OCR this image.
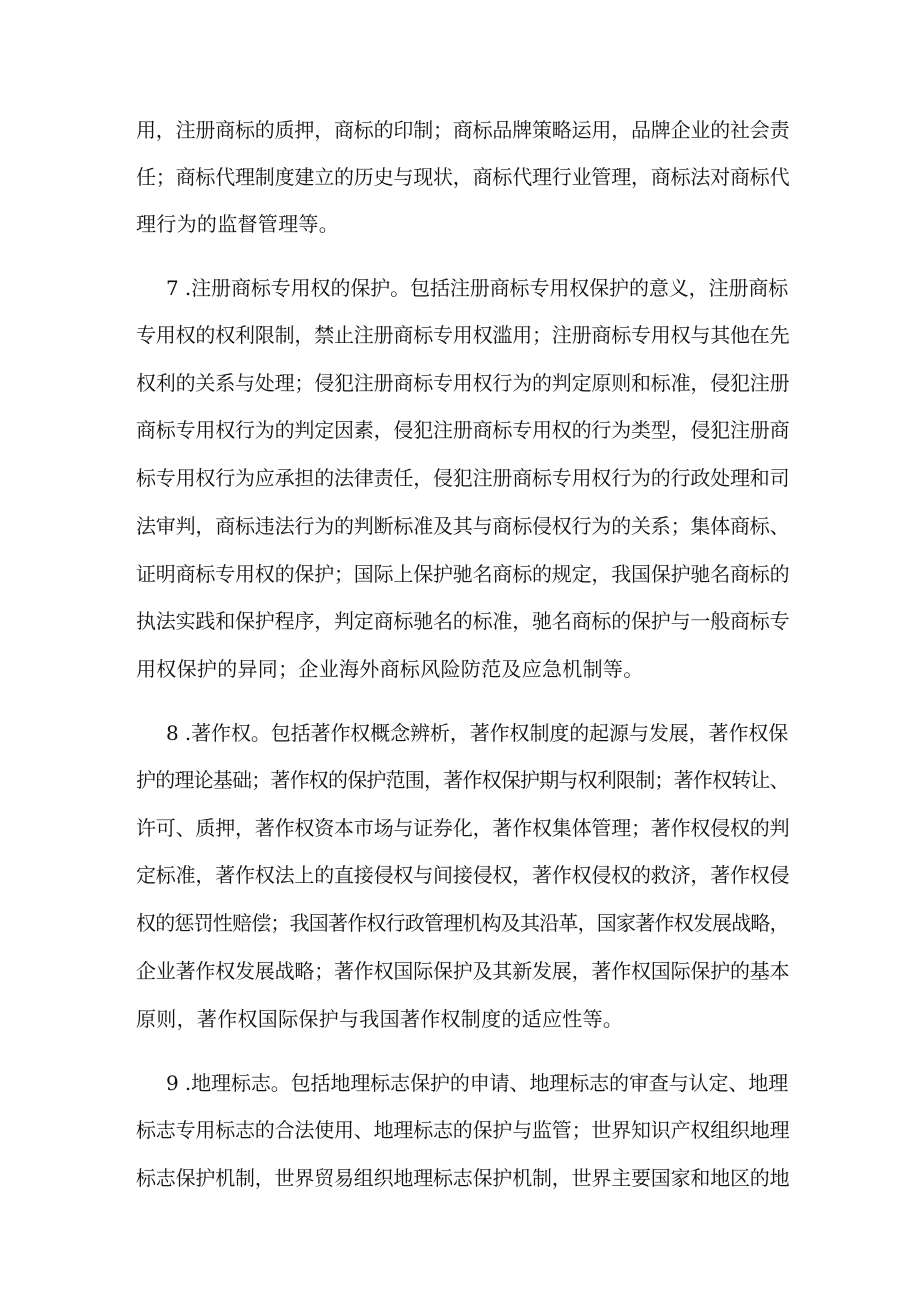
用，注册商标的质押，商标的印制；商标品牌策略运用，品牌企业的社会责
任；商标代理制度建立的历史与现状，商标代理行业管理，商标法对商标代
理行为的监督管理等。
7 .注册商标专用权的保护。包括注册商标专用权保护的意义，注册商标
专用权的权利限制，禁止注册商标专用权滥用；注册商标专用权与其他在先
权利的关系与处理；侵犯注册商标专用权行为的判定原则和标准，侵犯注册
商标专用权行为的判定因素，侵犯注册商标专用权的行为类型，侵犯注册商
标专用权行为应承担的法律责任，侵犯注册商标专用权行为的行政处理和司
法审判，商标违法行为的判断标准及其与商标侵权行为的关系；集体商标、
证明商标专用权的保护；国际上保护驰名商标的规定，我国保护驰名商标的
执法实践和保护程序，判定商标驰名的标准，驰名商标的保护与一般商标专
用权保护的异同；企业海外商标风险防范及应急机制等。
8 .著作权。包括著作权概念辨析，著作权制度的起源与发展，著作权保
护的理论基础；著作权的保护范围，著作权保护期与权利限制；著作权转让、
许可、质押，著作权资本市场与证券化，著作权集体管理；著作权侵权的判
定标准，著作权法上的直接侵权与间接侵权，著作权侵权的救济，著作权侵
权的惩罚性赔偿；我国著作权行政管理机构及其沿革，国家著作权发展战略，
企业著作权发展战略；著作权国际保护及其新发展，著作权国际保护的基本
原则，著作权国际保护与我国著作权制度的适应性等。
9 .地理标志。包括地理标志保护的申请、地理标志的审查与认定、地理
标志专用标志的合法使用、地理标志的保护与监管；世界知识产权组织地理
标志保护机制，世界贸易组织地理标志保护机制，世界主要国家和地区的地
